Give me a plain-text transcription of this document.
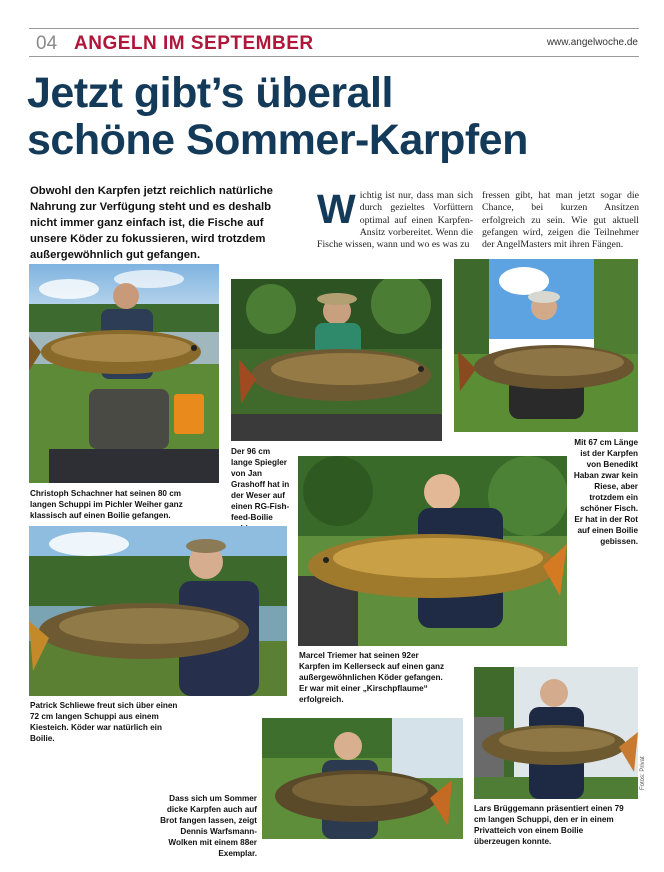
04 ANGELN IM SEPTEMBER	www.angelwoche.de
Jetzt gibt’s überall
schöne Sommer-Karpfen
Obwohl den Karpfen jetzt reichlich natürliche Nahrung zur Verfügung steht und es deshalb nicht immer ganz einfach ist, die Fische auf unsere Köder zu fokussieren, wird trotzdem außergewöhnlich gut gefangen.
Wichtig ist nur, dass man sich durch gezieltes Vorfüttern optimal auf einen Karpfen-Ansitz vorbereitet. Wenn die Fische wissen, wann und wo es was zu
fressen gibt, hat man jetzt sogar die Chance, bei kurzen Ansitzen erfolgreich zu sein. Wie gut aktuell gefangen wird, zeigen die Teilnehmer der AngelMasters mit ihren Fängen.
Christoph Schachner hat seinen 80 cm langen Schuppi im Pichler Weiher ganz klassisch auf einen Boilie gefangen.
Der 96 cm lange Spiegler von Jan Grashoff hat in der Weser auf einen RG-Fish-feed-Boilie
Mit 67 cm Länge ist der Karpfen von Benedikt Haban zwar kein Riese, aber trotzdem ein schöner Fisch. Er hat in der Rot auf einen Boilie gebissen.
Marcel Triemer hat seinen 92er Karpfen im Kellerseck auf einen ganz außergewöhnlichen Köder gefangen. Er war mit einer „Kirschpflaume“ erfolgreich.
Patrick Schliewe freut sich über einen 72 cm langen Schuppi aus einem Kiesteich. Köder war natürlich ein Boilie.
Dass sich um Sommer dicke Karpfen auch auf Brot fangen lassen, zeigt Dennis Warfsmann-Wolken mit einem 88er Exemplar.
Lars Brüggemann präsentiert einen 79 cm langen Schuppi, den er in einem Privatteich von einem Boilie überzeugen konnte.
Fotos: Privat
